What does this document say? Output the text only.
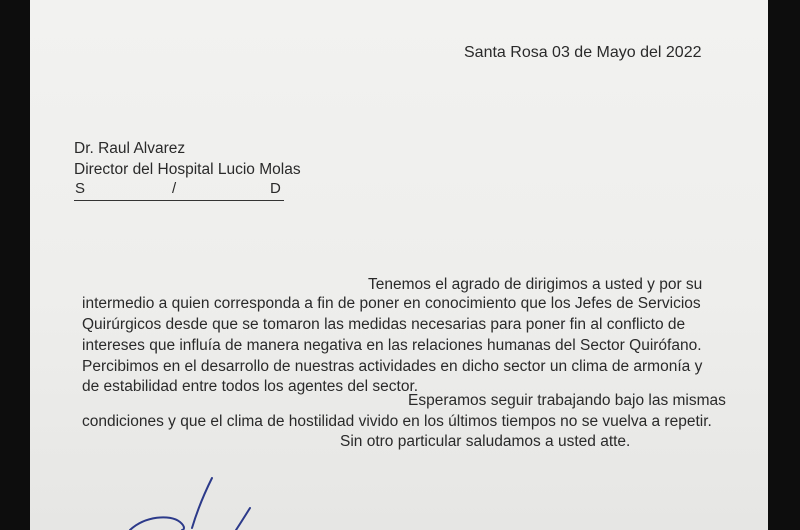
Santa Rosa 03 de Mayo del 2022
Dr. Raul Alvarez
Director del Hospital Lucio Molas
S	/	D
Tenemos el agrado de dirigimos a usted y por su
intermedio a quien corresponda a fin de poner en conocimiento que los Jefes de Servicios
Quirúrgicos desde que se tomaron las medidas necesarias para poner fin al conflicto de
intereses que influía de manera negativa en las relaciones humanas del Sector Quirófano.
Percibimos en el desarrollo de nuestras actividades en dicho sector un clima de armonía y
de estabilidad entre todos los agentes del sector.
Esperamos seguir trabajando bajo las mismas
condiciones y que el clima de hostilidad vivido en los últimos tiempos no se vuelva a repetir.
Sin otro particular saludamos a usted atte.
